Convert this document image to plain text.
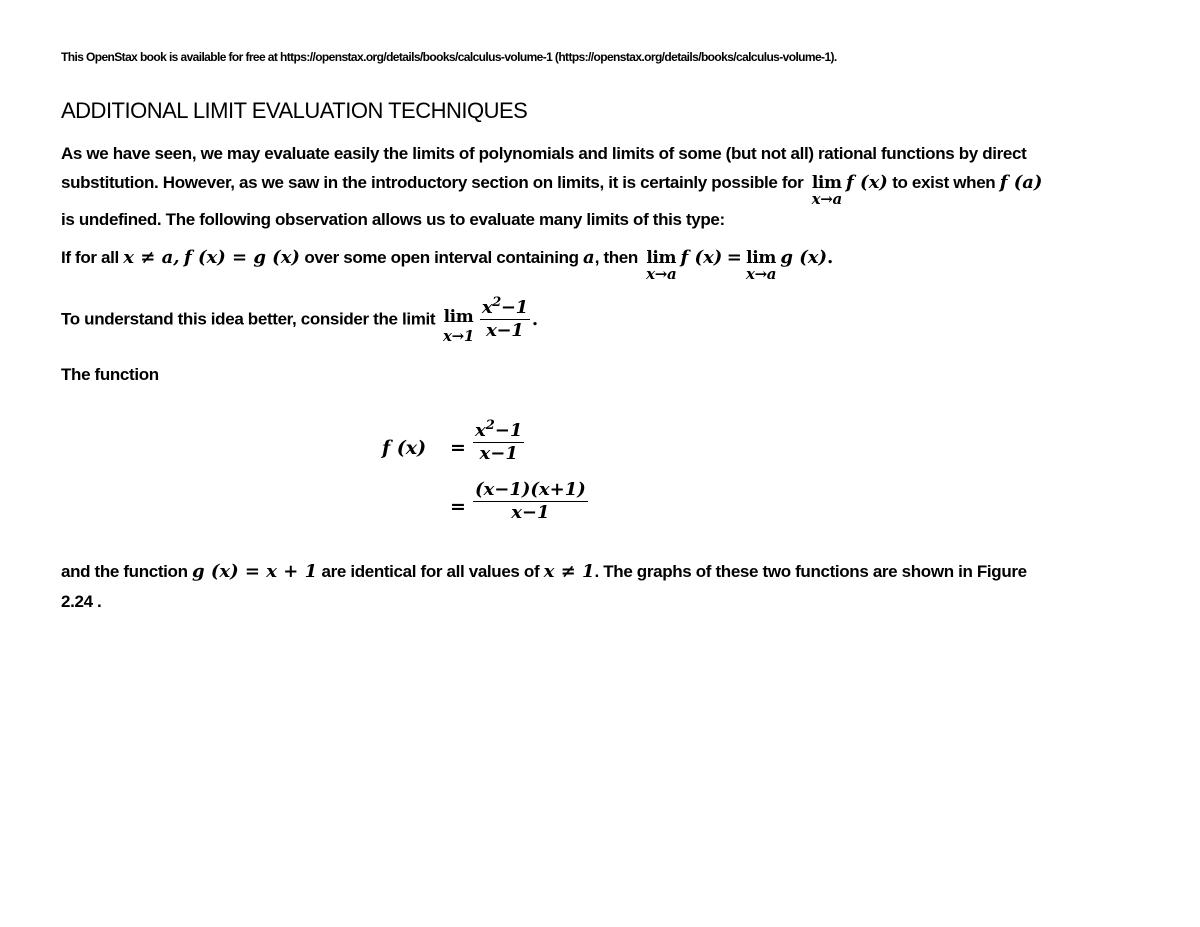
This OpenStax book is available for free at https://openstax.org/details/books/calculus-volume-1 (https://openstax.org/details/books/calculus-volume-1).
ADDITIONAL LIMIT EVALUATION TECHNIQUES
As we have seen, we may evaluate easily the limits of polynomials and limits of some (but not all) rational functions by direct
substitution. However, as we saw in the introductory section on limits, it is certainly possible for lim
x→a
f (x) to exist when f (a)
is undefined. The following observation allows us to evaluate many limits of this type:
If for all x ≠ a, f (x) = g (x) over some open interval containing a, then lim
x→a
f (x) = lim
x→a
g (x).
To understand this idea better, consider the limit lim
x→1
$\frac{x^2-1}{x-1}$ .
The function
f $(x) = \frac{x^2-1}{x-1}$
= $\frac{(x-1)(x+1)}{x-1}$
and the function g (x) = x + 1 are identical for all values of x ≠ 1. The graphs of these two functions are shown in Figure
2.24 .
